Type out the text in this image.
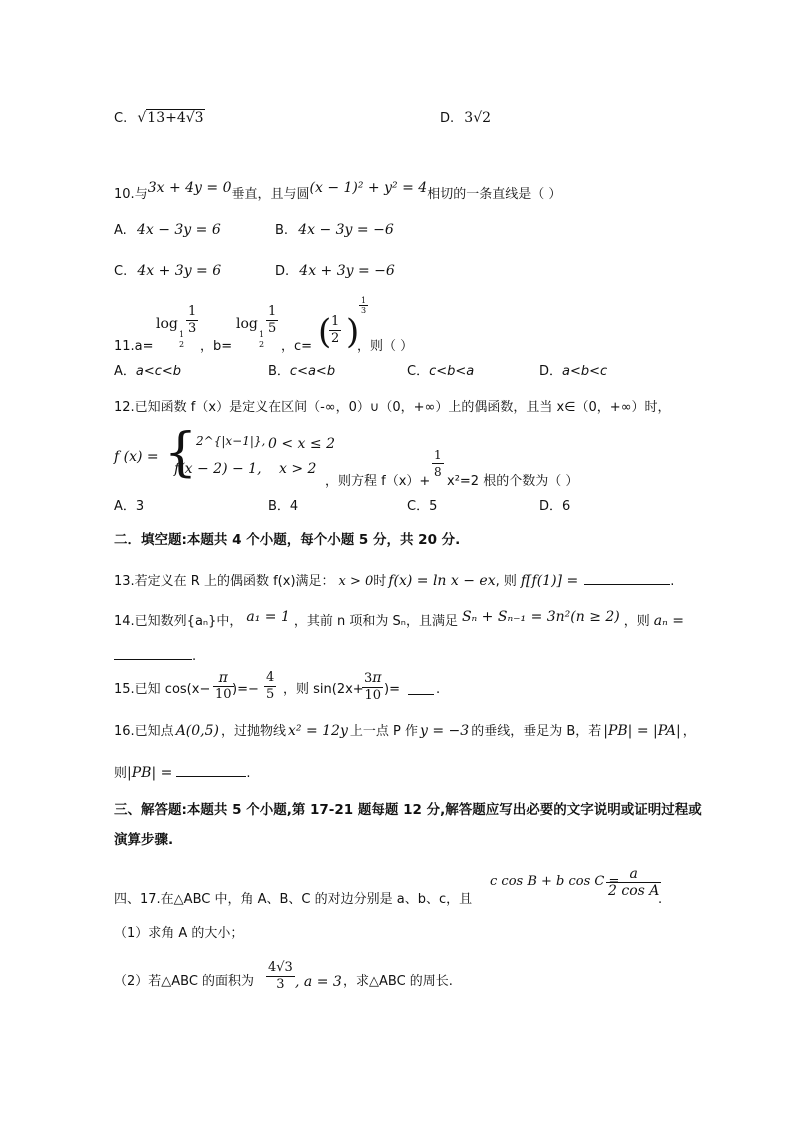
C. √13+4√3	D. 3√2
10.与3x + 4y = 0垂直，且与圆(x − 1)² + y² = 4相切的一条直线是（ ）
A. 4x − 3y = 6	B. 4x − 3y = −6
C. 4x + 3y = 6	D. 4x + 3y = −6
11.a=
log
1
2
$\frac{1}{3}$
，b=
log
1
2
$\frac{1}{5}$
，c= (
$\frac{1}{2}$ )
$\frac{1}{3}$
，则（ ）
A．a<c<b	B．c<a<b	C．c<b<a	D．a<b<c
12.已知函数 f（x）是定义在区间（-∞，0）∪（0，+∞）上的偶函数，且当 x∈（0，+∞）时，
f (x) = {
2^{|x−1|}, 0 < x ≤ 2
f(x − 2) − 1, x > 2
，则方程 f（x）+
$\frac{1}{8}$
x²=2 根的个数为（ ）
A．3	B．4	C．5	D．6
二．填空题:本题共 4 个小题，每个小题 5 分，共 20 分.
13.若定义在 R 上的偶函数 f(x)满足： x > 0时 f(x) = ln x − ex, 则 f[f(1)] =	.
14.已知数列{aₙ}中， a₁ = 1 ，其前 n 项和为 Sₙ，且满足 Sₙ + Sₙ₋₁ = 3n²(n ≥ 2) ，则 aₙ =
.
15.已知 $\cos(x- \frac{\pi}{10}$
)=− $\frac{4}{5}$ ，则 sin(2x+
$\frac{3\pi}{10}$ )=	.
16.已知点 A(0,5) ，过抛物线 x² = 12y 上一点 P 作 y = −3 的垂线，垂足为 B，若 |PB| = |PA| ，
则|PB| =	.
三、解答题:本题共 5 个小题,第 17-21 题每题 12 分,解答题应写出必要的文字说明或证明过程或
演算步骤.
四、17.在△ABC 中，角 A、B、C 的对边分别是 a、b、c，且
c cos B + b cos C =
$\frac{a}{\text{2 cos A}}$
.
（1）求角 A 的大小；
（2）若△ABC 的面积为 $\frac{4√3}{3}$ , a = 3 ，求△ABC 的周长.
